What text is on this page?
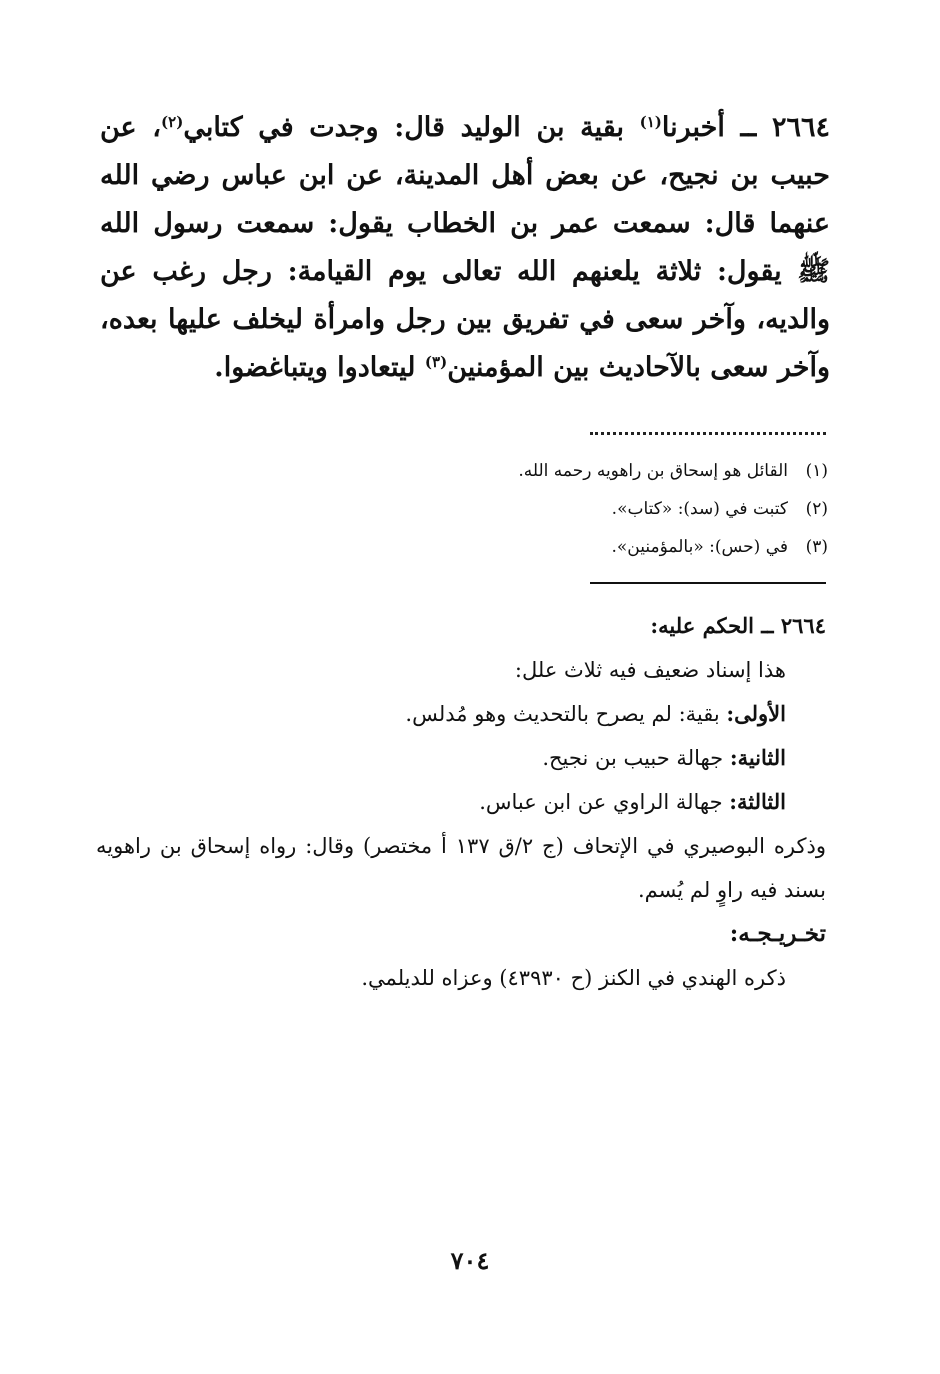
٢٦٦٤ ــ أخبرنا$^{(١)}$ بقية بن الوليد قال: وجدت في كتابي$^{(٢)}$، عن حبيب بن نجيح، عن بعض أهل المدينة، عن ابن عباس رضي الله عنهما قال: سمعت عمر بن الخطاب يقول: سمعت رسول الله ﷺ يقول: ثلاثة يلعنهم الله تعالى يوم القيامة: رجل رغب عن والديه، وآخر سعى في تفريق بين رجل وامرأة ليخلف عليها بعده، وآخر سعى بالآحاديث بين المؤمنين$^{(٣)}$ ليتعادوا ويتباغضوا.
(١)القائل هو إسحاق بن راهويه رحمه الله.
(٢)كتبت في (سد): «كتاب».
(٣)في (حس): «بالمؤمنين».
٢٦٦٤ ــ الحكم عليه:
هذا إسناد ضعيف فيه ثلاث علل:
الأولى: بقية: لم يصرح بالتحديث وهو مُدلس.
الثانية: جهالة حبيب بن نجيح.
الثالثة: جهالة الراوي عن ابن عباس.
وذكره البوصيري في الإتحاف (ج ٢/ق ١٣٧ أ مختصر) وقال: رواه إسحاق بن راهويه بسند فيه راوٍ لم يُسم.
تخـريـجـه:
ذكره الهندي في الكنز (ح ٤٣٩٣٠) وعزاه للديلمي.
٧٠٤
